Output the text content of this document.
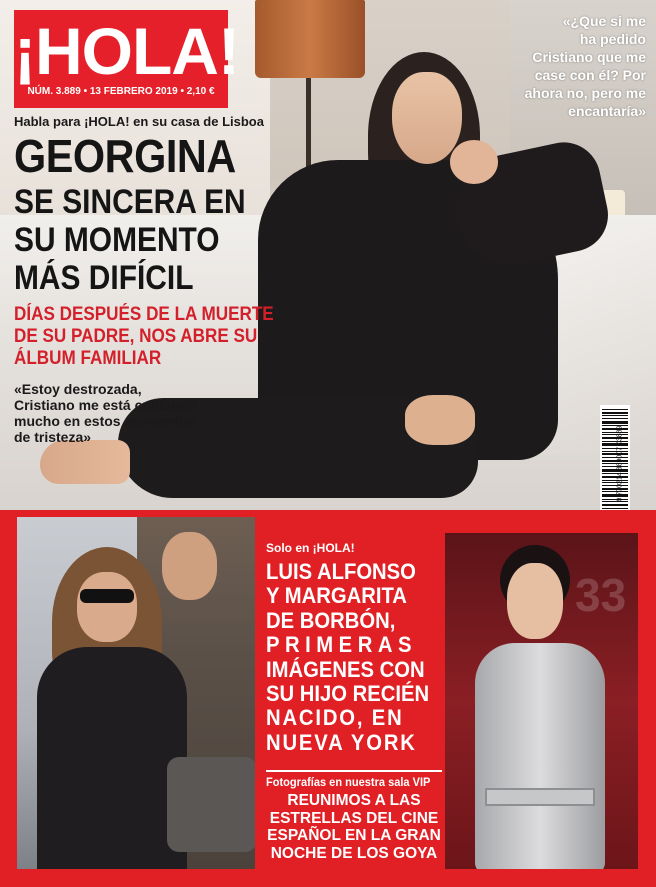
¡HOLA!
NÚM. 3.889 • 13 FEBRERO 2019 • 2,10 €
Habla para ¡HOLA! en su casa de Lisboa
GEORGINA
SE SINCERA EN
SU MOMENTO
MÁS DIFÍCIL
DÍAS DESPUÉS DE LA MUERTE
DE SU PADRE, NOS ABRE SU
ÁLBUM FAMILIAR
«Estoy destrozada,
Cristiano me está cuidando
mucho en estos momentos
de tristeza»
«¿Que si me
ha pedido
Cristiano que me
case con él? Por
ahora no, pero me
encantaría»
9 770214 389007 03889
Solo en ¡HOLA!
LUIS ALFONSO
Y MARGARITA
DE BORBÓN,
PRIMERAS
IMÁGENES CON
SU HIJO RECIÉN
NACIDO, EN
NUEVA YORK
Fotografías en nuestra sala VIP
REUNIMOS A LAS
ESTRELLAS DEL CINE
ESPAÑOL EN LA GRAN
NOCHE DE LOS GOYA
33
